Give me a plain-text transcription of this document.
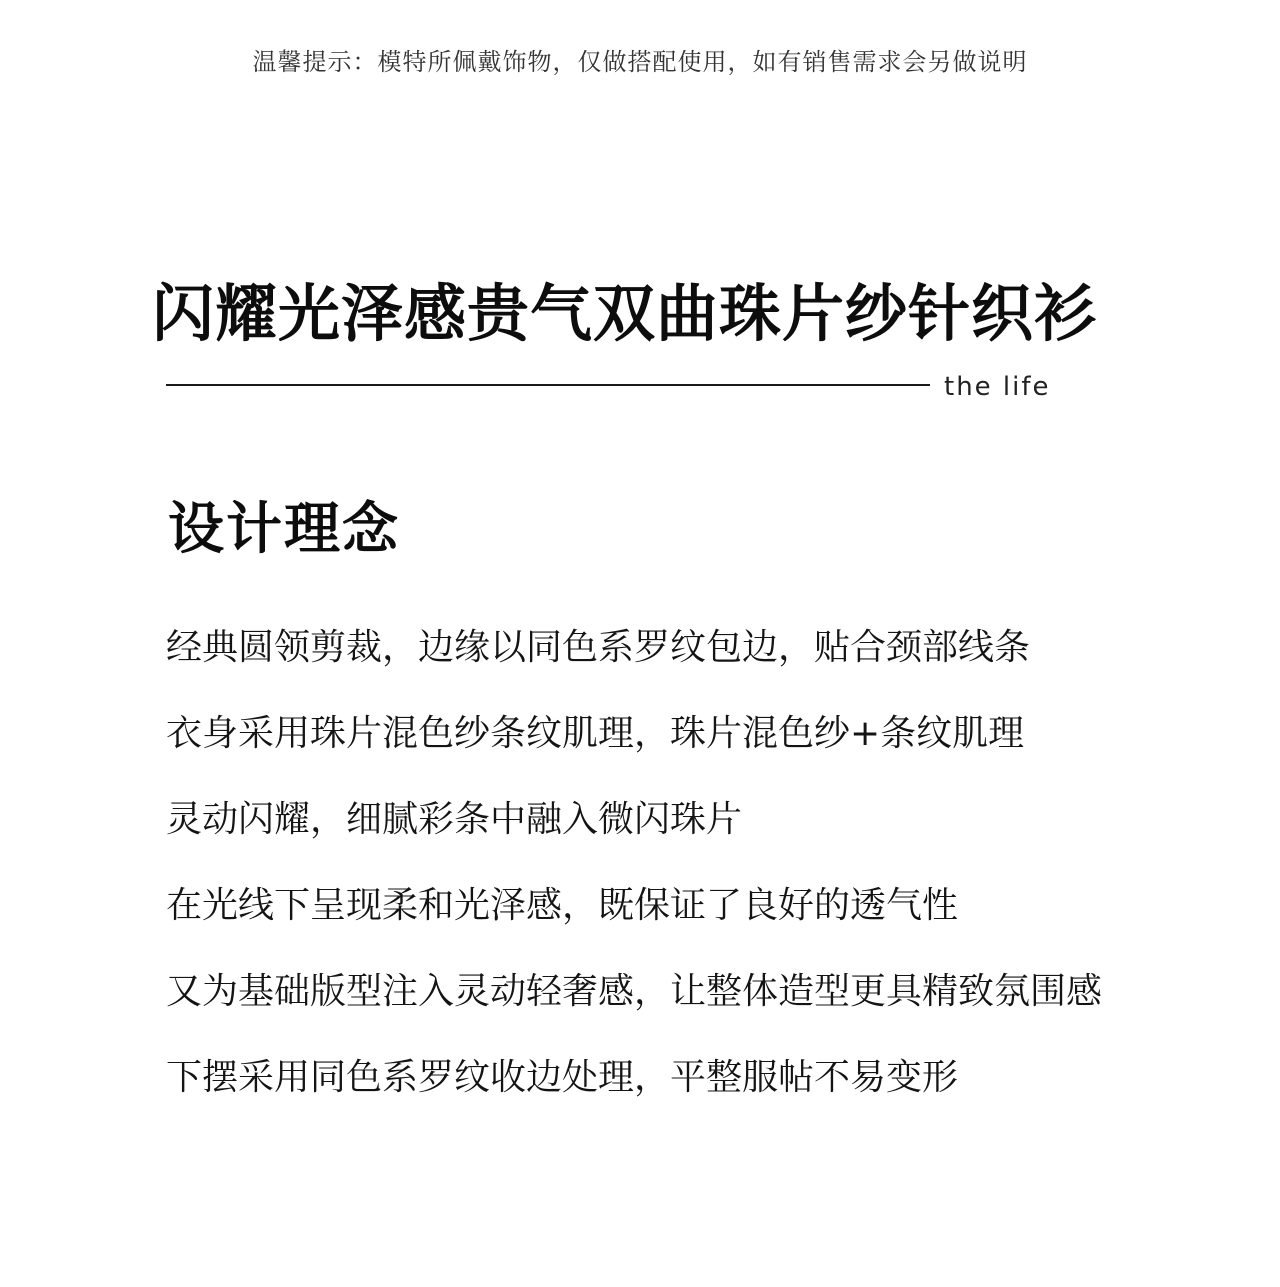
温馨提示：模特所佩戴饰物，仅做搭配使用，如有销售需求会另做说明
闪耀光泽感贵气双曲珠片纱针织衫
the life
设计理念
经典圆领剪裁，边缘以同色系罗纹包边，贴合颈部线条
衣身采用珠片混色纱条纹肌理，珠片混色纱+条纹肌理
灵动闪耀，细腻彩条中融入微闪珠片
在光线下呈现柔和光泽感，既保证了良好的透气性
又为基础版型注入灵动轻奢感，让整体造型更具精致氛围感
下摆采用同色系罗纹收边处理，平整服帖不易变形
